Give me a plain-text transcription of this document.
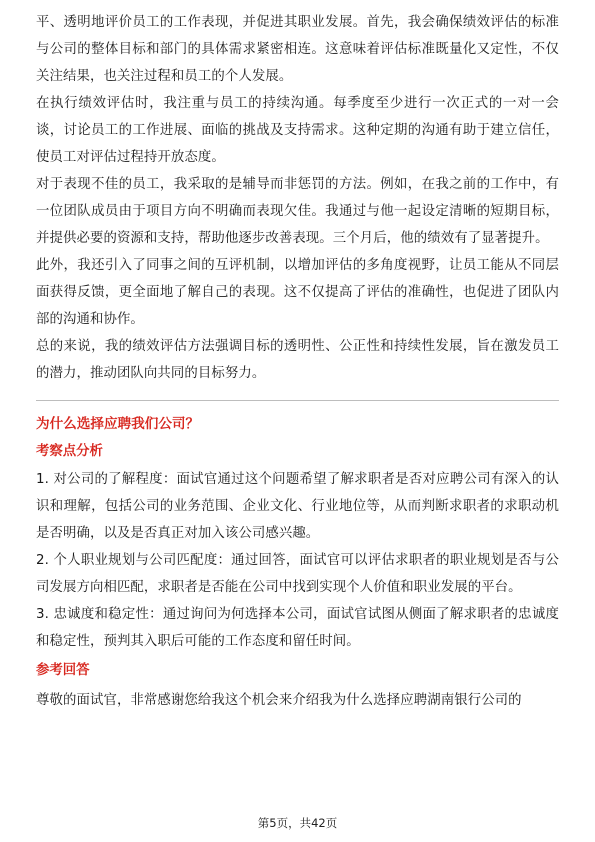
平、透明地评价员工的工作表现，并促进其职业发展。首先，我会确保绩效评估的标准与公司的整体目标和部门的具体需求紧密相连。这意味着评估标准既量化又定性，不仅关注结果，也关注过程和员工的个人发展。

在执行绩效评估时，我注重与员工的持续沟通。每季度至少进行一次正式的一对一会谈，讨论员工的工作进展、面临的挑战及支持需求。这种定期的沟通有助于建立信任，使员工对评估过程持开放态度。

对于表现不佳的员工，我采取的是辅导而非惩罚的方法。例如，在我之前的工作中，有一位团队成员由于项目方向不明确而表现欠佳。我通过与他一起设定清晰的短期目标，并提供必要的资源和支持，帮助他逐步改善表现。三个月后，他的绩效有了显著提升。

此外，我还引入了同事之间的互评机制，以增加评估的多角度视野，让员工能从不同层面获得反馈，更全面地了解自己的表现。这不仅提高了评估的准确性，也促进了团队内部的沟通和协作。

总的来说，我的绩效评估方法强调目标的透明性、公正性和持续性发展，旨在激发员工的潜力，推动团队向共同的目标努力。

为什么选择应聘我们公司？
考察点分析

1. 对公司的了解程度：面试官通过这个问题希望了解求职者是否对应聘公司有深入的认识和理解，包括公司的业务范围、企业文化、行业地位等，从而判断求职者的求职动机是否明确，以及是否真正对加入该公司感兴趣。

2. 个人职业规划与公司匹配度：通过回答，面试官可以评估求职者的职业规划是否与公司发展方向相匹配，求职者是否能在公司中找到实现个人价值和职业发展的平台。

3. 忠诚度和稳定性：通过询问为何选择本公司，面试官试图从侧面了解求职者的忠诚度和稳定性，预判其入职后可能的工作态度和留任时间。

参考回答

尊敬的面试官，非常感谢您给我这个机会来介绍我为什么选择应聘湖南银行公司的

第5页，共42页
